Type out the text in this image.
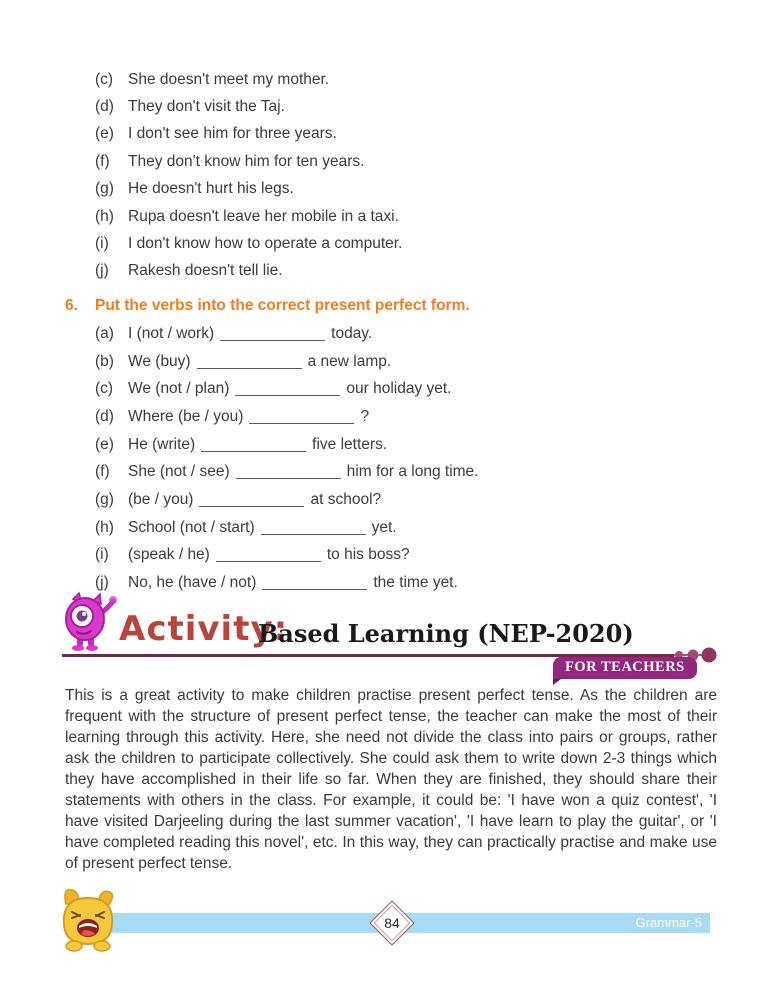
(c) She doesn't meet my mother.
(d) They don't visit the Taj.
(e) I don't see him for three years.
(f)	They don't know him for ten years.
(g) He doesn't hurt his legs.
(h) Rupa doesn't leave her mobile in a taxi.
(i)	I don't know how to operate a computer.
(j)	Rakesh doesn't tell lie.
6.	Put the verbs into the correct present perfect form.
(a) I (not / work)	today.
(b) We (buy)	a new lamp.
(c) We (not / plan)	our holiday yet.
(d) Where (be / you)	?
(e) He (write)	five letters.
(f)	She (not / see)	him for a long time.
(g) (be / you)	at school?
(h) School (not / start)	yet.
(i)	(speak / he)	to his boss?
(j)	No, he (have / not)	the time yet.
Activity:
Based Learning (NEP-2020)
FOR TEACHERS

This is a great activity to make children practise present perfect tense. As the children are frequent with the structure of present perfect tense, the teacher can make the most of their learning through this activity. Here, she need not divide the class into pairs or groups, rather ask the children to participate collectively. She could ask them to write down 2-3 things which they have accomplished in their life so far. When they are finished, they should share their statements with others in the class. For example, it could be: 'I have won a quiz contest', 'I have visited Darjeeling during the last summer vacation', 'I have learn to play the guitar', or 'I have completed reading this novel', etc. In this way, they can practically practise and make use of present perfect tense.

Grammar-5
84
